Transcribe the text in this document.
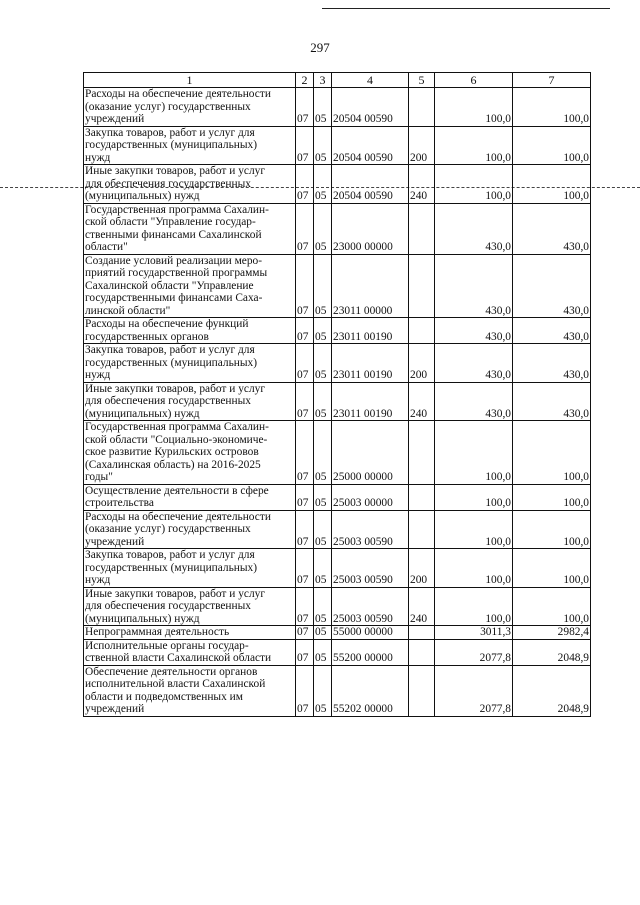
297
1	2	3	4	5	6	7
Расходы на обеспечение деятельности
(оказание услуг) государственных
учреждений	07	05	20504 00590		100,0	100,0
Закупка товаров, работ и услуг для
государственных (муниципальных)
нужд	07	05	20504 00590	200	100,0	100,0
Иные закупки товаров, работ и услуг
для обеспечения государственных
(муниципальных) нужд	07	05	20504 00590	240	100,0	100,0
Государственная программа Сахалин-
ской области "Управление государ-
ственными финансами Сахалинской
области"	07	05	23000 00000		430,0	430,0
Создание условий реализации меро-
приятий государственной программы
Сахалинской области "Управление
государственными финансами Саха-
линской области"	07	05	23011 00000		430,0	430,0
Расходы на обеспечение функций
государственных органов	07	05	23011 00190		430,0	430,0
Закупка товаров, работ и услуг для
государственных (муниципальных)
нужд	07	05	23011 00190	200	430,0	430,0
Иные закупки товаров, работ и услуг
для обеспечения государственных
(муниципальных) нужд	07	05	23011 00190	240	430,0	430,0
Государственная программа Сахалин-
ской области "Социально-экономиче-
ское развитие Курильских островов
(Сахалинская область) на 2016-2025
годы"	07	05	25000 00000		100,0	100,0
Осуществление деятельности в сфере
строительства	07	05	25003 00000		100,0	100,0
Расходы на обеспечение деятельности
(оказание услуг) государственных
учреждений	07	05	25003 00590		100,0	100,0
Закупка товаров, работ и услуг для
государственных (муниципальных)
нужд	07	05	25003 00590	200	100,0	100,0
Иные закупки товаров, работ и услуг
для обеспечения государственных
(муниципальных) нужд	07	05	25003 00590	240	100,0	100,0
Непрограммная деятельность	07	05	55000 00000		3011,3	2982,4
Исполнительные органы государ-
ственной власти Сахалинской области	07	05	55200 00000		2077,8	2048,9
Обеспечение деятельности органов
исполнительной власти Сахалинской
области и подведомственных им
учреждений	07	05	55202 00000		2077,8	2048,9
